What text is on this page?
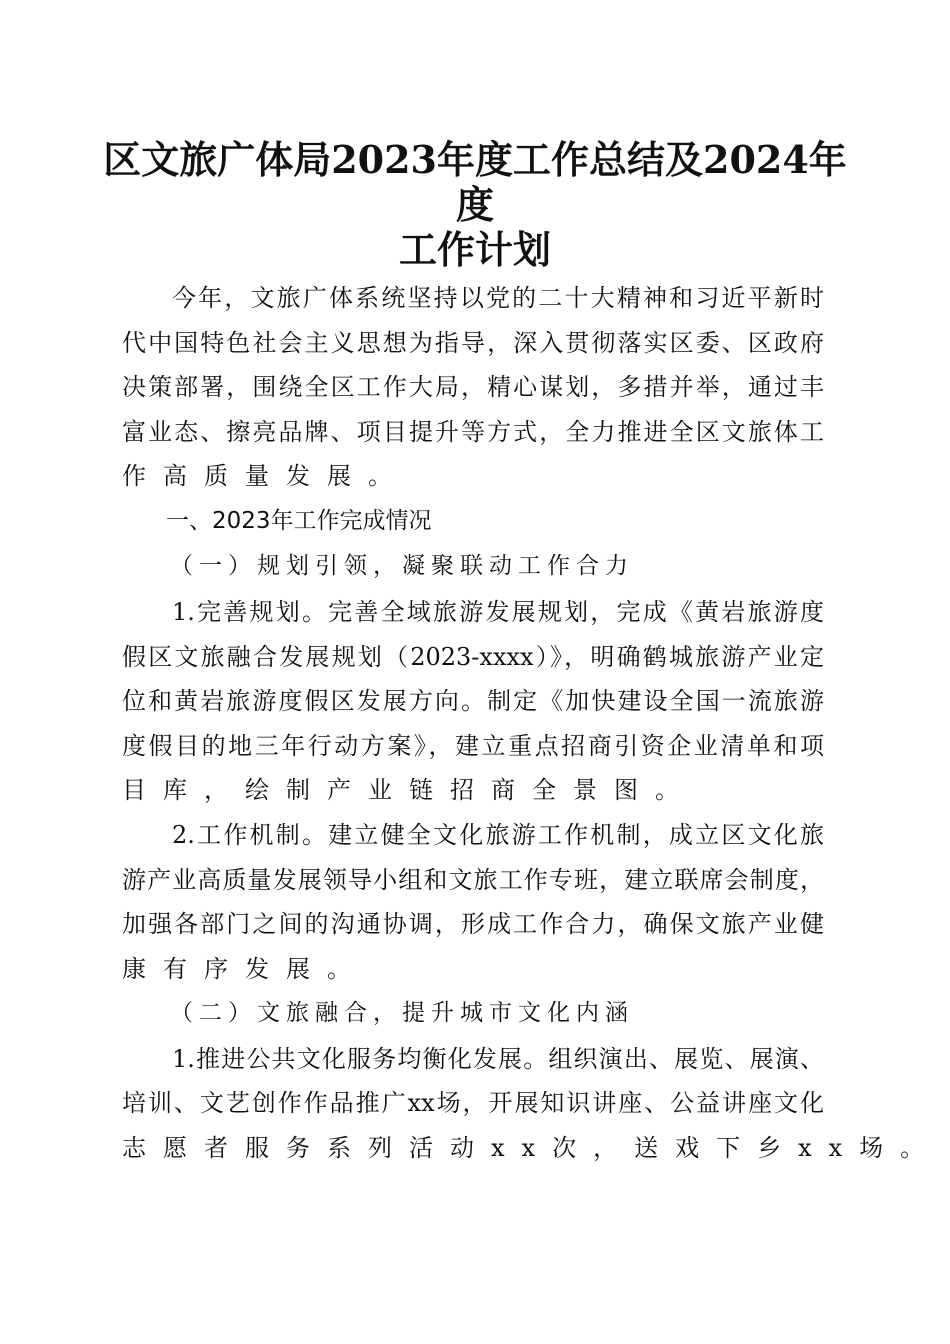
区文旅广体局2023年度工作总结及2024年度
工作计划
今年，文旅广体系统坚持以党的二十大精神和习近平新时
代中国特色社会主义思想为指导，深入贯彻落实区委、区政府
决策部署，围绕全区工作大局，精心谋划，多措并举，通过丰
富业态、擦亮品牌、项目提升等方式，全力推进全区文旅体工
作高质量发展。
一、2023年工作完成情况
（一）规划引领，凝聚联动工作合力
1.完善规划。完善全域旅游发展规划，完成《黄岩旅游度
假区文旅融合发展规划（2023-xxxx）》，明确鹤城旅游产业定
位和黄岩旅游度假区发展方向。制定《加快建设全国一流旅游
度假目的地三年行动方案》，建立重点招商引资企业清单和项
目库，绘制产业链招商全景图。
2.工作机制。建立健全文化旅游工作机制，成立区文化旅
游产业高质量发展领导小组和文旅工作专班，建立联席会制度，
加强各部门之间的沟通协调，形成工作合力，确保文旅产业健
康有序发展。
（二）文旅融合，提升城市文化内涵
1.推进公共文化服务均衡化发展。组织演出、展览、展演、
培训、文艺创作作品推广xx场，开展知识讲座、公益讲座文化
志愿者服务系列活动xx次，送戏下乡xx场。
